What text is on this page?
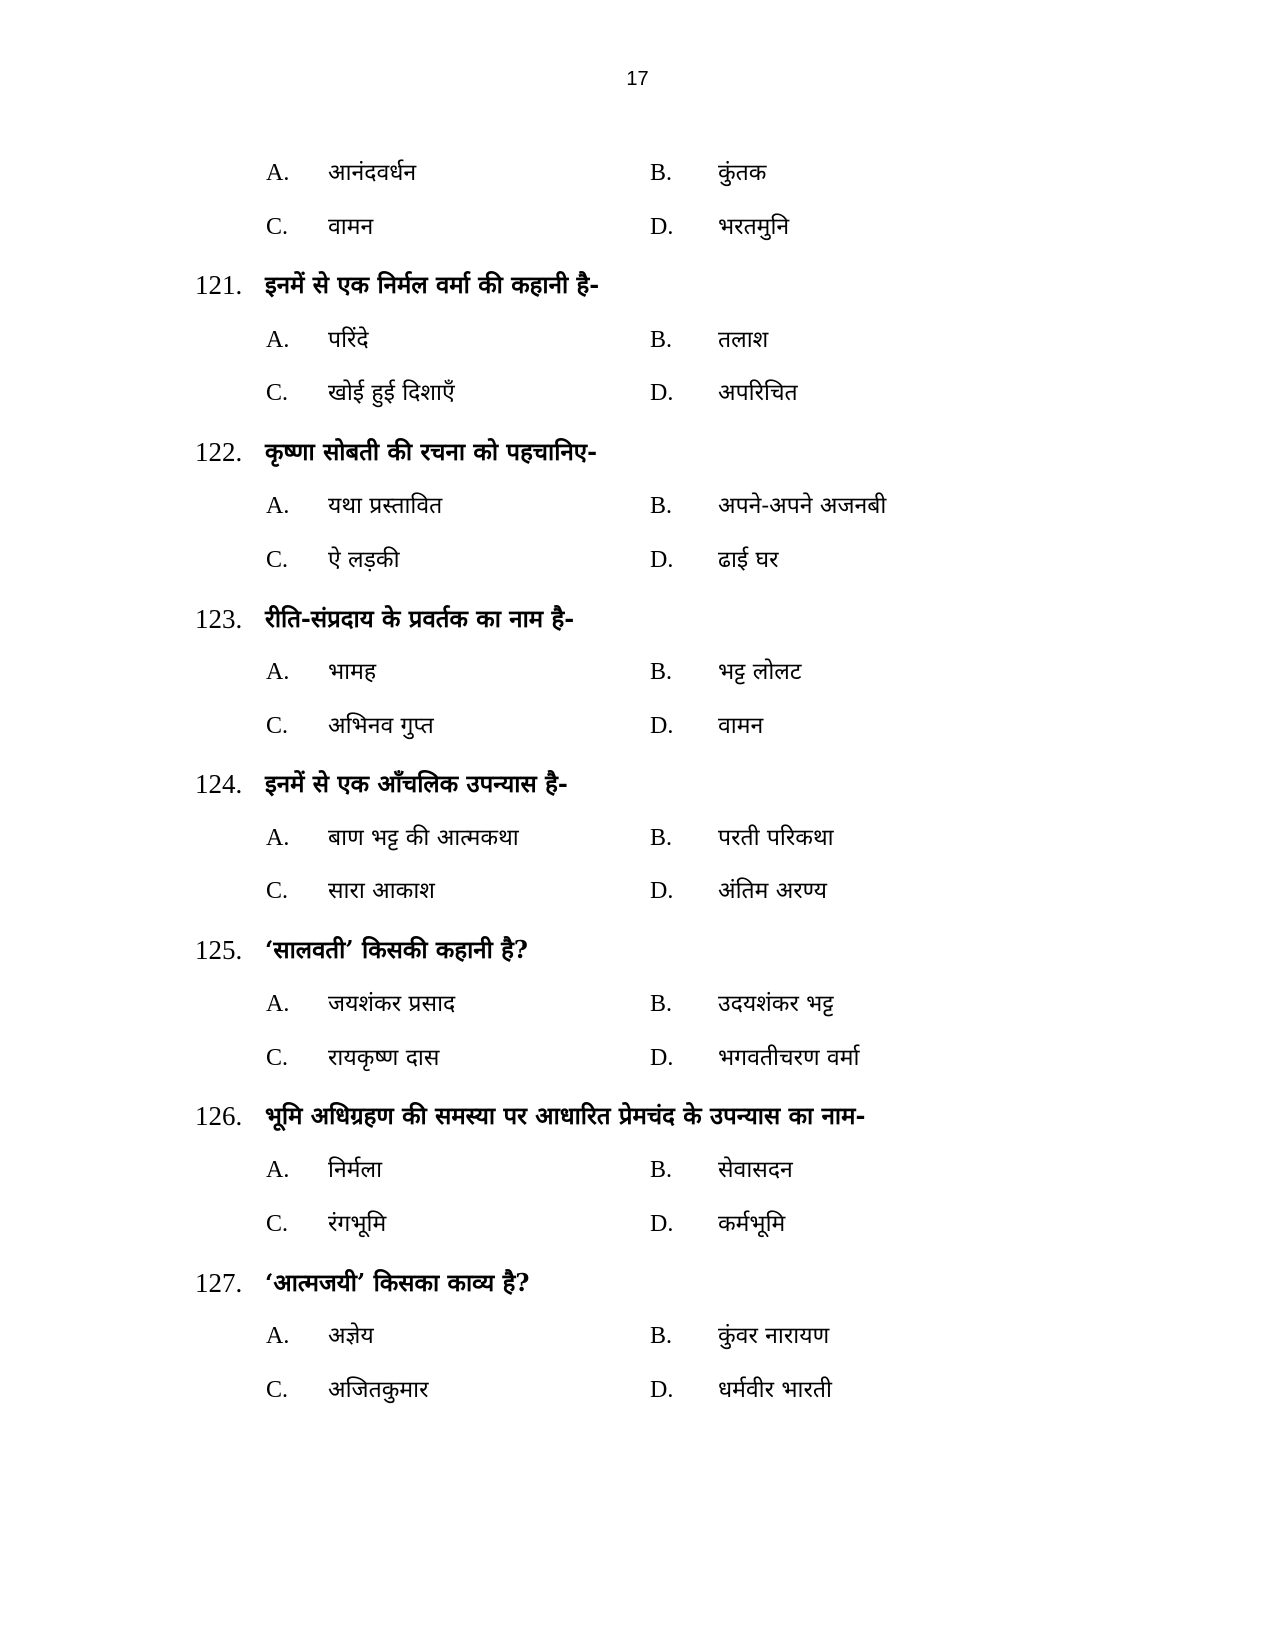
17
A. आनंदवर्धन	B. कुंतक
C. वामन	D. भरतमुनि
121. इनमें से एक निर्मल वर्मा की कहानी है-
A. परिंदे	B. तलाश
C. खोई हुई दिशाएँ	D. अपरिचित
122. कृष्णा सोबती की रचना को पहचानिए-
A. यथा प्रस्तावित	B. अपने-अपने अजनबी
C. ऐ लड़की	D. ढाई घर
123. रीति-संप्रदाय के प्रवर्तक का नाम है-
A. भामह	B. भट्ट लोलट
C. अभिनव गुप्त	D. वामन
124. इनमें से एक आँचलिक उपन्यास है-
A. बाण भट्ट की आत्मकथा	B. परती परिकथा
C. सारा आकाश	D. अंतिम अरण्य
125. ‘सालवती’ किसकी कहानी है?
A. जयशंकर प्रसाद	B. उदयशंकर भट्ट
C. रायकृष्ण दास	D. भगवतीचरण वर्मा
126. भूमि अधिग्रहण की समस्या पर आधारित प्रेमचंद के उपन्यास का नाम-
A. निर्मला	B. सेवासदन
C. रंगभूमि	D. कर्मभूमि
127. ‘आत्मजयी’ किसका काव्य है?
A. अज्ञेय	B. कुंवर नारायण
C. अजितकुमार	D. धर्मवीर भारती
